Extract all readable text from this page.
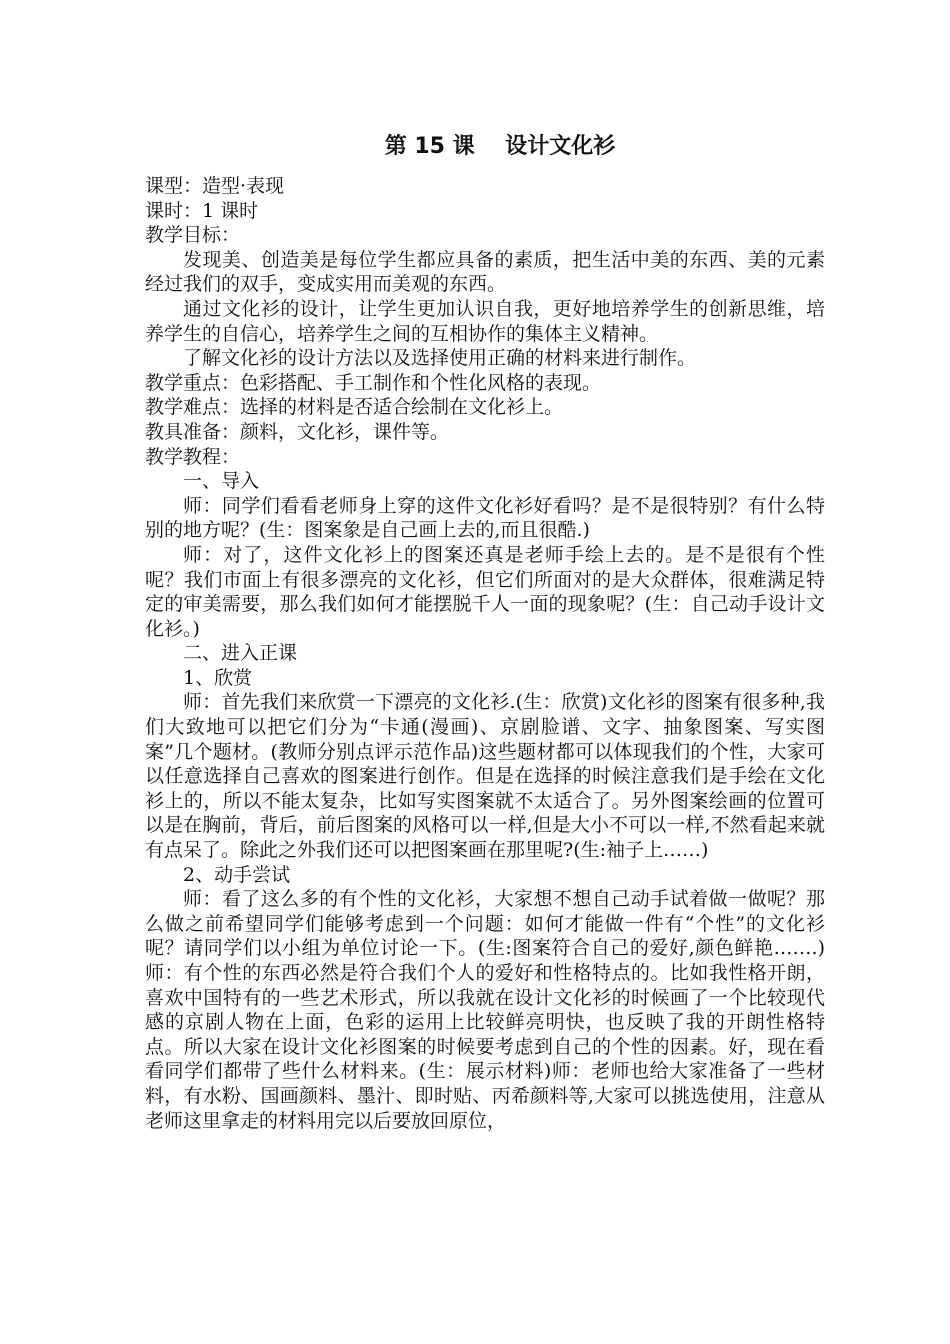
第 15 课    设计文化衫

课型：造型·表现

课时：1 课时

教学目标：

发现美、创造美是每位学生都应具备的素质，把生活中美的东西、美的元素经过我们的双手，变成实用而美观的东西。

通过文化衫的设计，让学生更加认识自我，更好地培养学生的创新思维，培养学生的自信心，培养学生之间的互相协作的集体主义精神。

了解文化衫的设计方法以及选择使用正确的材料来进行制作。

教学重点：色彩搭配、手工制作和个性化风格的表现。

教学难点：选择的材料是否适合绘制在文化衫上。

教具准备：颜料，文化衫，课件等。

教学教程：

一、导入

师：同学们看看老师身上穿的这件文化衫好看吗？是不是很特别？有什么特别的地方呢？(生：图案象是自己画上去的,而且很酷.)

师：对了，这件文化衫上的图案还真是老师手绘上去的。是不是很有个性呢？我们市面上有很多漂亮的文化衫，但它们所面对的是大众群体，很难满足特定的审美需要，那么我们如何才能摆脱千人一面的现象呢？(生：自己动手设计文化衫。)

二、进入正课

1、欣赏

师：首先我们来欣赏一下漂亮的文化衫.(生：欣赏)文化衫的图案有很多种,我们大致地可以把它们分为“卡通(漫画)、京剧脸谱、文字、抽象图案、写实图案”几个题材。(教师分别点评示范作品)这些题材都可以体现我们的个性，大家可以任意选择自己喜欢的图案进行创作。但是在选择的时候注意我们是手绘在文化衫上的，所以不能太复杂，比如写实图案就不太适合了。另外图案绘画的位置可以是在胸前，背后，前后图案的风格可以一样,但是大小不可以一样,不然看起来就有点呆了。除此之外我们还可以把图案画在那里呢?(生:袖子上……)

2、动手尝试

师：看了这么多的有个性的文化衫，大家想不想自己动手试着做一做呢？那么做之前希望同学们能够考虑到一个问题：如何才能做一件有“个性”的文化衫呢？请同学们以小组为单位讨论一下。(生:图案符合自己的爱好,颜色鲜艳…….)师：有个性的东西必然是符合我们个人的爱好和性格特点的。比如我性格开朗，喜欢中国特有的一些艺术形式，所以我就在设计文化衫的时候画了一个比较现代感的京剧人物在上面，色彩的运用上比较鲜亮明快，也反映了我的开朗性格特点。所以大家在设计文化衫图案的时候要考虑到自己的个性的因素。好，现在看看同学们都带了些什么材料来。(生：展示材料)师：老师也给大家准备了一些材料，有水粉、国画颜料、墨汁、即时贴、丙希颜料等,大家可以挑选使用，注意从老师这里拿走的材料用完以后要放回原位，
